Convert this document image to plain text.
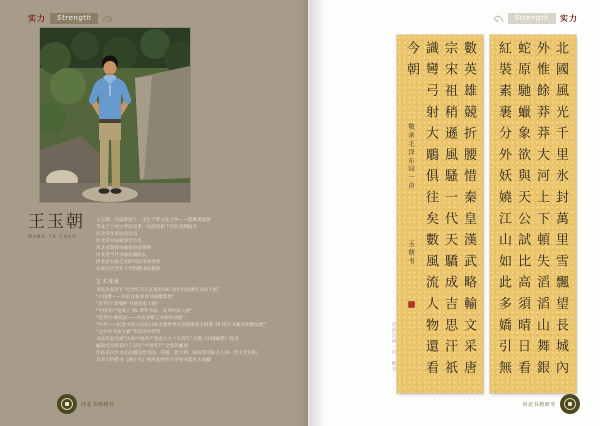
实力	Strength
王玉朝
WANG YU CHAO
王玉朝，号粱梦居士，出生于梦文化之乡——邯郸黄粱梦
毕业于兰州大学历史系，目前供职于河北法制报社
河北省作家协会会员
河北省书法家协会会员
河北省新闻书画家协会理事
河北省当代书画院副院长
河北省书画艺术研究院常务理事
石家庄市老年大学特聘书法教师
艺术成就
书法作品曾在“纪念红军长征胜利 80 周年中国现代书法大展”
“中国梦——河北省新闻界书画摄影展”
“赶考行‘鸿瑞杯’书画名家大展”
“中国共产党成立 95 周年书法、美术作品大展”
“赶考行·颂祖国——河北省职工书画作品展”
“中华——纪念中国人民抗日战争暨世界反法西斯战争胜利 70 周年书画名家精品展”
“公仆杯书法大赛”等活动中获奖
书法作品还被“庆祝中国共产党成立九十五周年”主题《中国邮册》收录
邮政还出版发行了冠有“中国名片”之誉的邮册
作品多次作为礼品赠送给美国、英国、意大利、韩国等国际友人和一些文化机构
其书写的楷书《诫子书》被河北经贸大学图书馆永久收藏
河北书画研究
Strength	实力
數英雄競折腰惜秦皇漢武略輸文采唐
宗宋祖稍遜風騷一代天驕成吉思汗祇
識彎弓射大鵰俱往矣數風流人物還看
今朝 敬录毛泽东词一首 玉朝书	北國風光千里氷封萬里雪飄望長城內
外惟餘莽莽大河上下頓失滔滔山舞銀
蛇原馳蠟象欲與天公試比高須晴日看
紅裝素裹分外妖嬈江山如此多嬌引無
毛泽东词一首 楷书
河北书画研究
